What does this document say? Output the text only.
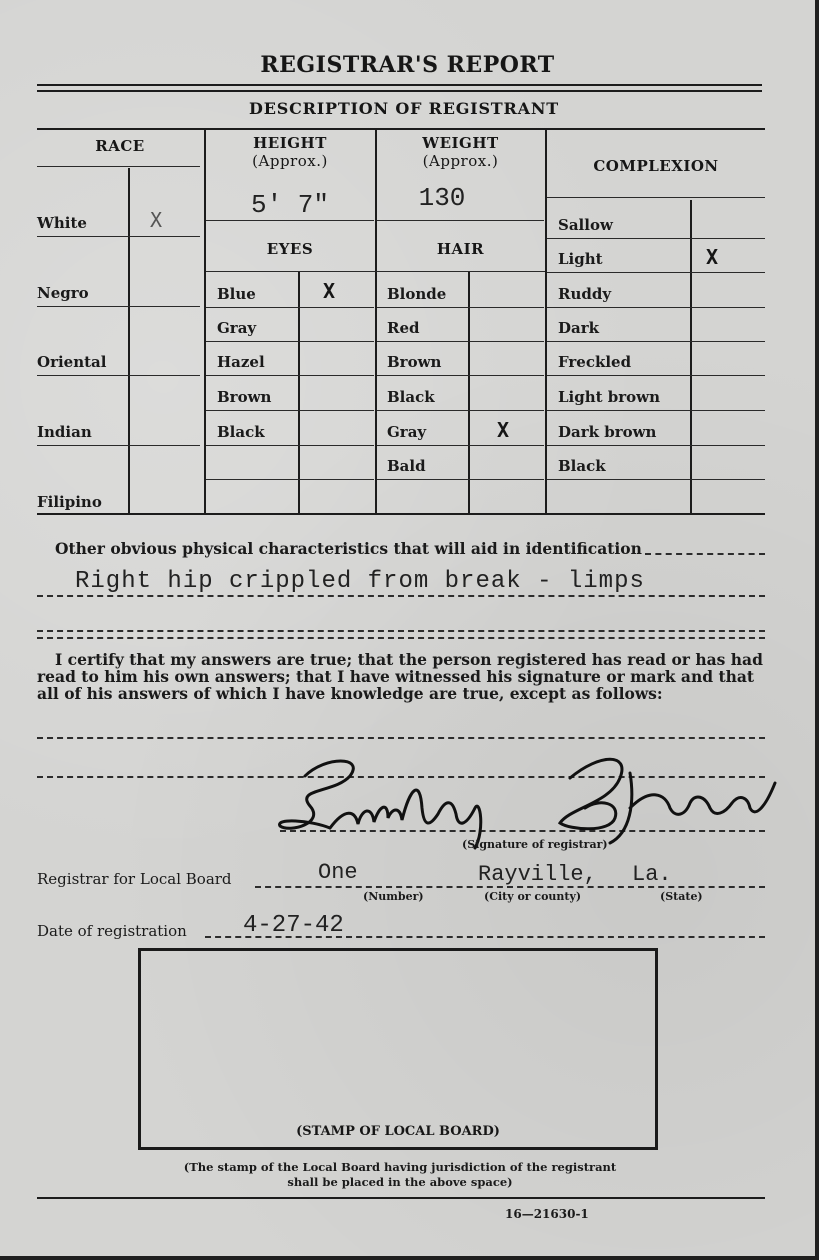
REGISTRAR'S REPORT
DESCRIPTION OF REGISTRANT
RACE	HEIGHT
(Approx.)
5' 7"
WEIGHT
(Approx.)
130
COMPLEXION
EYES	HAIR
White	X
Negro
Oriental
Indian
Filipino
Blue	X
Gray
Hazel
Brown
Black
Blonde
Red
Brown
Black
Gray	X
Bald
Sallow
Light	X
Ruddy
Dark
Freckled
Light brown
Dark brown
Black
Other obvious physical characteristics that will aid in identification
Right hip crippled from break - limps
I certify that my answers are true; that the person registered has read or has had
read to him his own answers; that I have witnessed his signature or mark and that
all of his answers of which I have knowledge are true, except as follows:
(Signature of registrar)
Registrar for Local Board	One	Rayville, La.
(Number)	(City or county)	(State)
Date of registration 4-27-42
(STAMP OF LOCAL BOARD)
(The stamp of the Local Board having jurisdiction of the registrant
shall be placed in the above space)
16—21630-1
